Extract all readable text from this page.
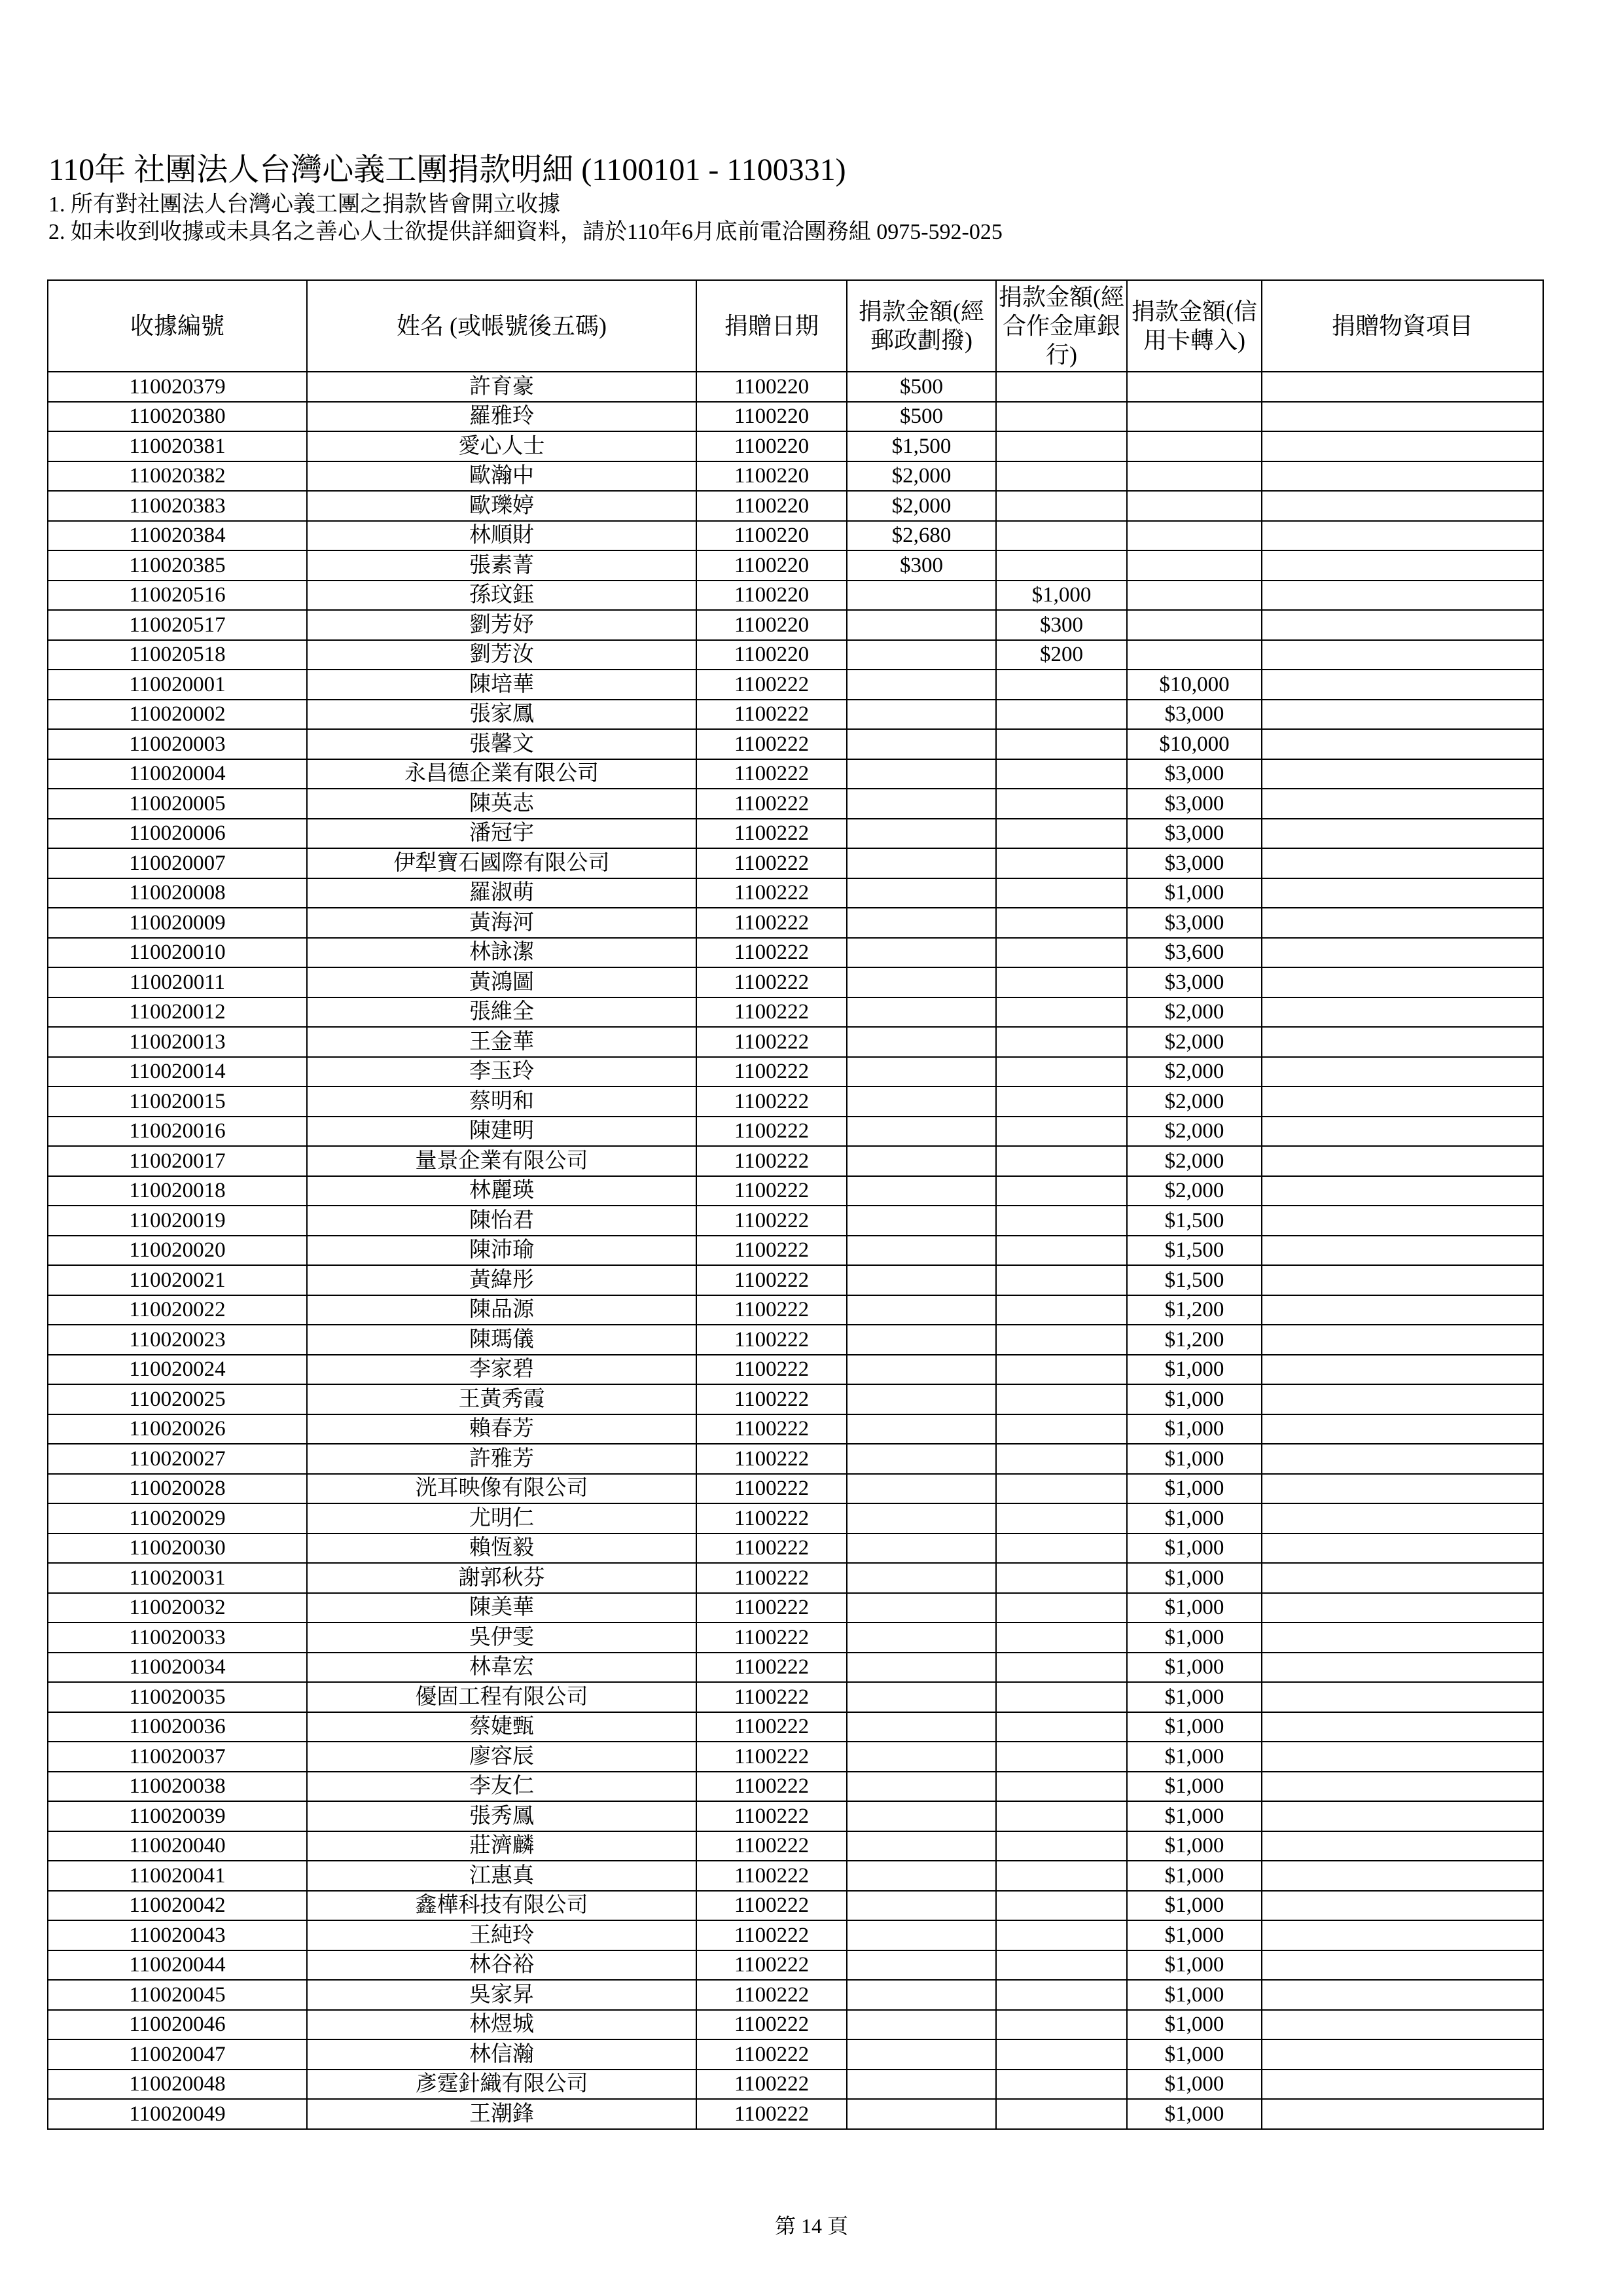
110年 社團法人台灣心義工團捐款明細 (1100101 - 1100331)
1. 所有對社團法人台灣心義工團之捐款皆會開立收據
2. 如未收到收據或未具名之善心人士欲提供詳細資料，請於110年6月底前電洽團務組 0975-592-025
收據編號	姓名 (或帳號後五碼)	捐贈日期	捐款金額(經郵政劃撥)	捐款金額(經合作金庫銀行)	捐款金額(信用卡轉入)	捐贈物資項目
110020379	許育豪	1100220	$500			
110020380	羅雅玲	1100220	$500			
110020381	愛心人士	1100220	$1,500			
110020382	歐瀚中	1100220	$2,000			
110020383	歐瓅婷	1100220	$2,000			
110020384	林順財	1100220	$2,680			
110020385	張素菁	1100220	$300			
110020516	孫玟鈺	1100220		$1,000		
110020517	劉芳妤	1100220		$300		
110020518	劉芳汝	1100220		$200		
110020001	陳培華	1100222			$10,000	
110020002	張家鳳	1100222			$3,000	
110020003	張馨文	1100222			$10,000	
110020004	永昌德企業有限公司	1100222			$3,000	
110020005	陳英志	1100222			$3,000	
110020006	潘冠宇	1100222			$3,000	
110020007	伊犁寶石國際有限公司	1100222			$3,000	
110020008	羅淑萌	1100222			$1,000	
110020009	黃海河	1100222			$3,000	
110020010	林詠潔	1100222			$3,600	
110020011	黃鴻圖	1100222			$3,000	
110020012	張維全	1100222			$2,000	
110020013	王金華	1100222			$2,000	
110020014	李玉玲	1100222			$2,000	
110020015	蔡明和	1100222			$2,000	
110020016	陳建明	1100222			$2,000	
110020017	量景企業有限公司	1100222			$2,000	
110020018	林麗瑛	1100222			$2,000	
110020019	陳怡君	1100222			$1,500	
110020020	陳沛瑜	1100222			$1,500	
110020021	黃緯彤	1100222			$1,500	
110020022	陳品源	1100222			$1,200	
110020023	陳瑪儀	1100222			$1,200	
110020024	李家碧	1100222			$1,000	
110020025	王黃秀霞	1100222			$1,000	
110020026	賴春芳	1100222			$1,000	
110020027	許雅芳	1100222			$1,000	
110020028	洸耳映像有限公司	1100222			$1,000	
110020029	尤明仁	1100222			$1,000	
110020030	賴恆毅	1100222			$1,000	
110020031	謝郭秋芬	1100222			$1,000	
110020032	陳美華	1100222			$1,000	
110020033	吳伊雯	1100222			$1,000	
110020034	林韋宏	1100222			$1,000	
110020035	優固工程有限公司	1100222			$1,000	
110020036	蔡婕甄	1100222			$1,000	
110020037	廖容辰	1100222			$1,000	
110020038	李友仁	1100222			$1,000	
110020039	張秀鳳	1100222			$1,000	
110020040	莊濟麟	1100222			$1,000	
110020041	江惠真	1100222			$1,000	
110020042	鑫樺科技有限公司	1100222			$1,000	
110020043	王純玲	1100222			$1,000	
110020044	林谷裕	1100222			$1,000	
110020045	吳家昇	1100222			$1,000	
110020046	林煜城	1100222			$1,000	
110020047	林信瀚	1100222			$1,000	
110020048	彥霆針織有限公司	1100222			$1,000	
110020049	王潮鋒	1100222			$1,000	
第 14 頁
